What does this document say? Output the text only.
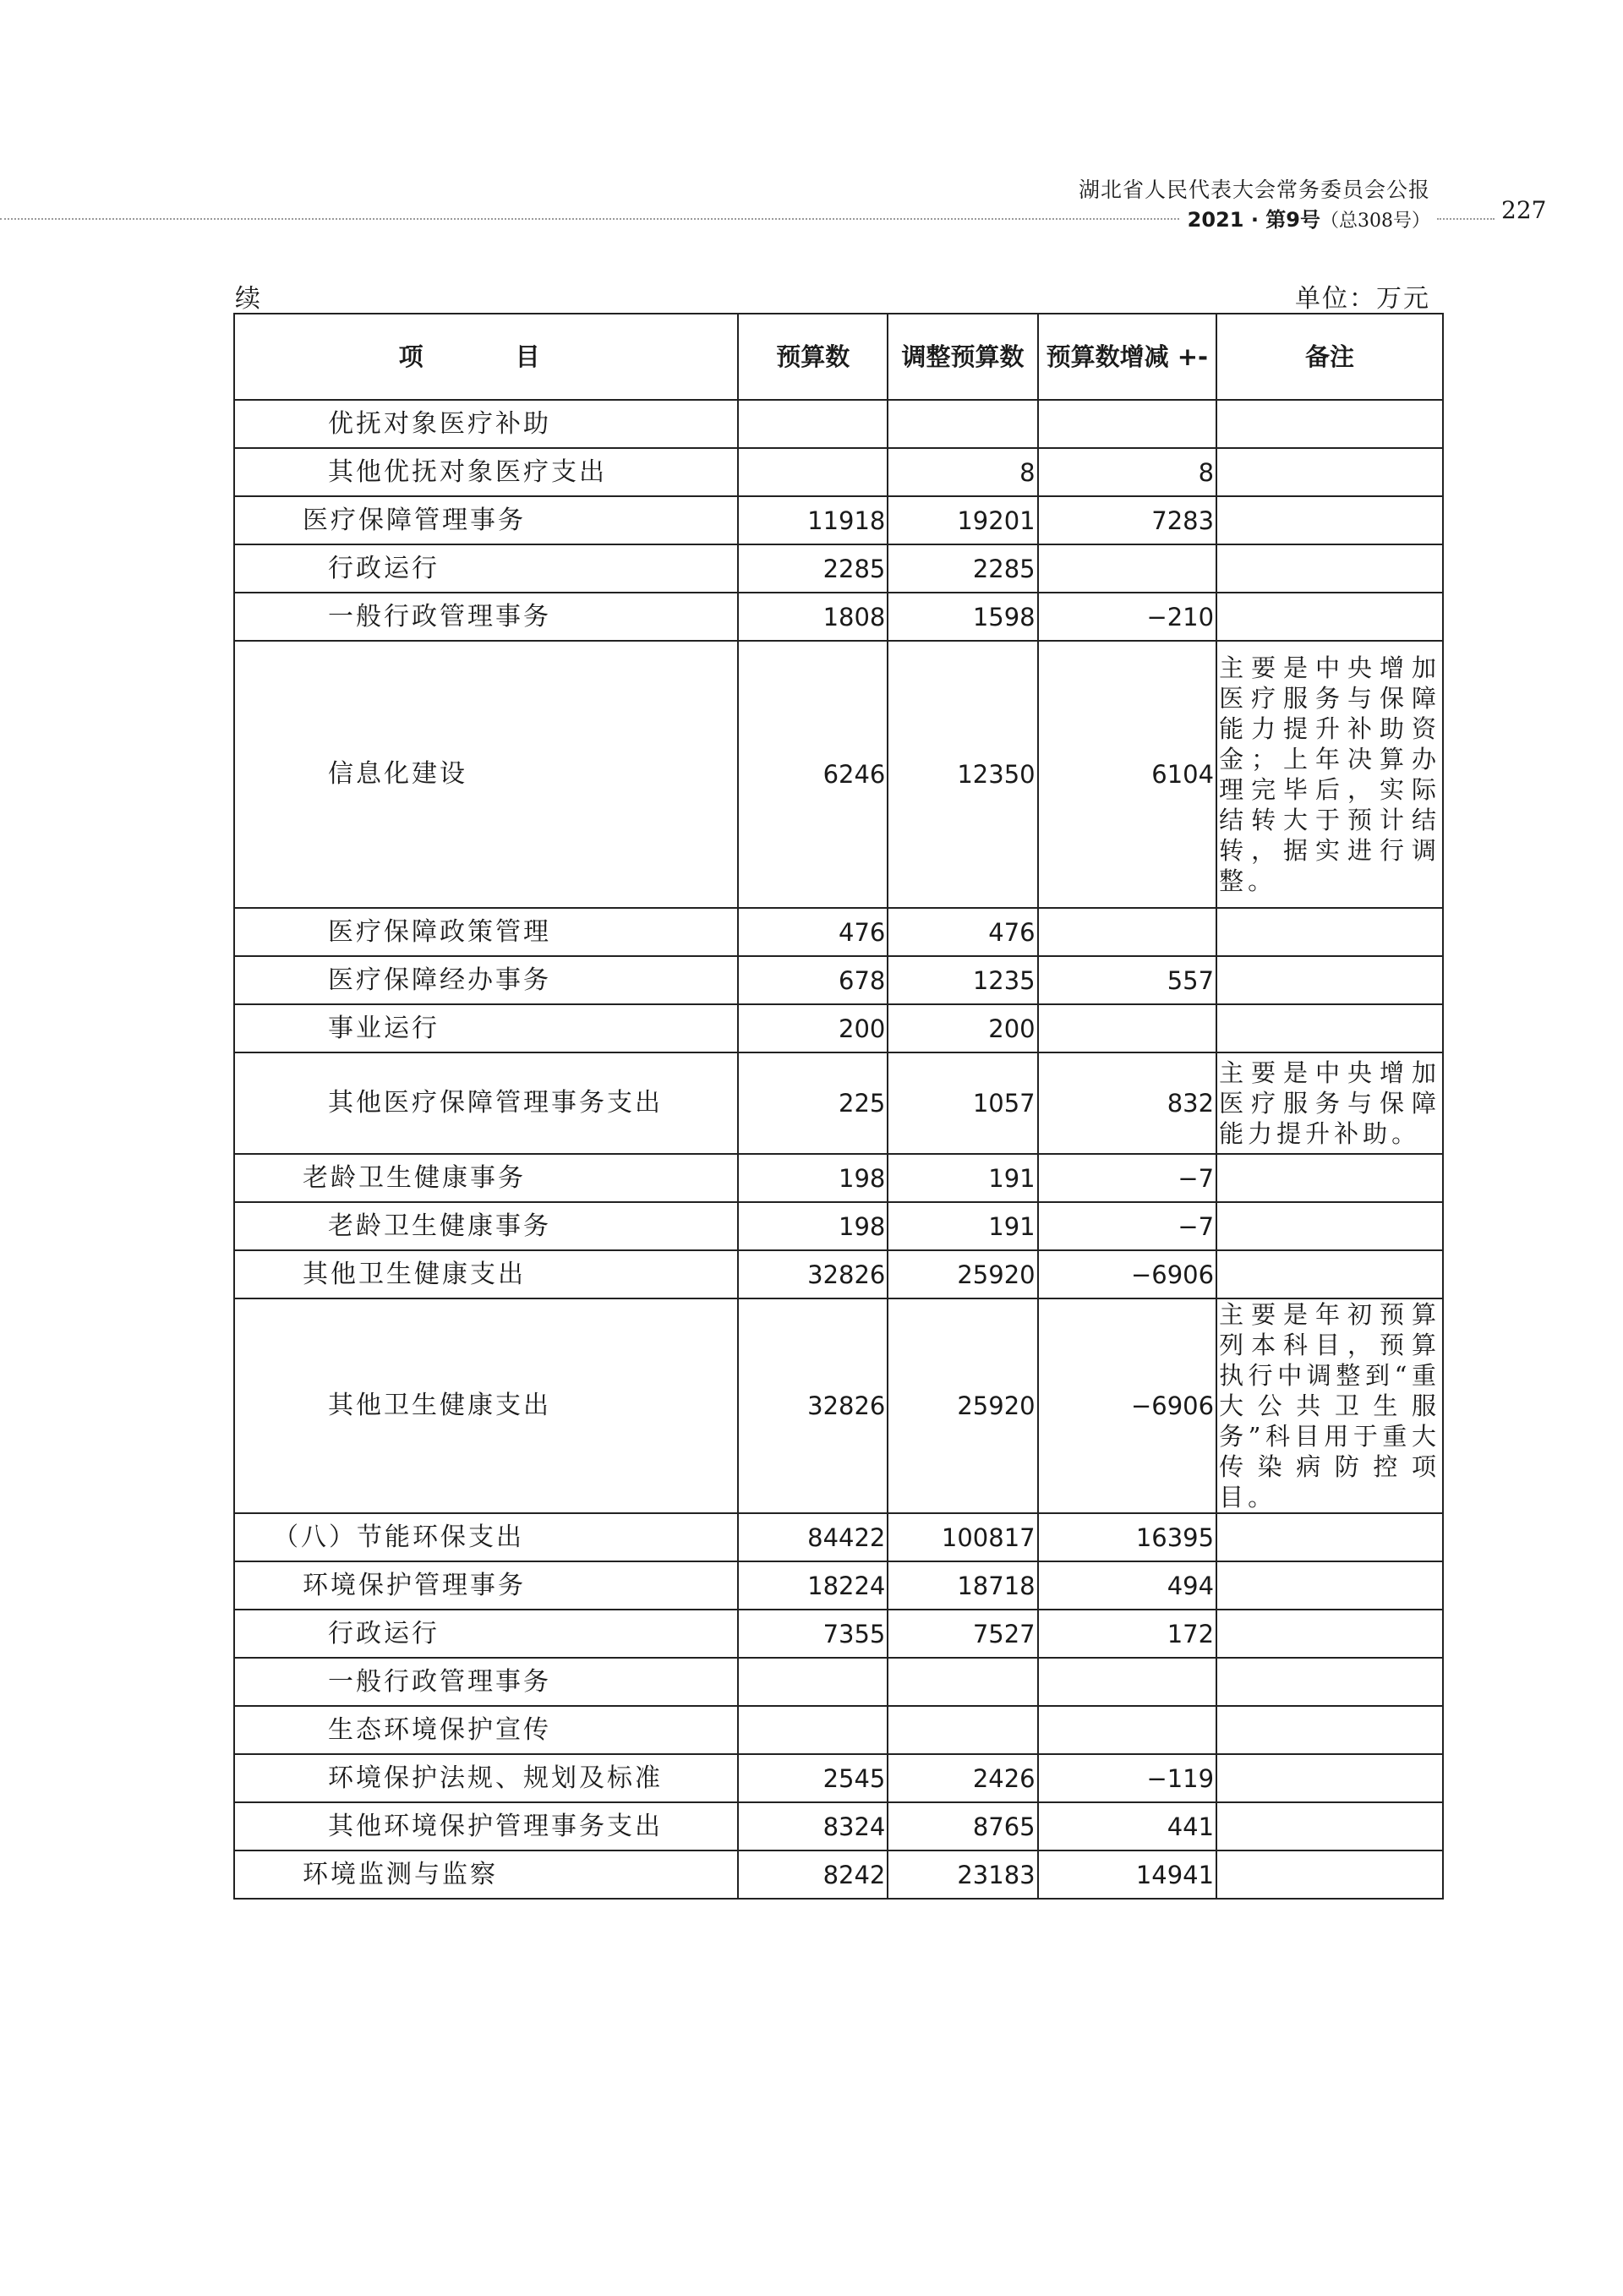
湖北省人民代表大会常务委员会公报
2021 · 第9号（总308号）	227
续	单位：万元
项　目	预算数	调整预算数	预算数增减 +-	备注
优抚对象医疗补助				
其他优抚对象医疗支出		8	8	
医疗保障管理事务	11918	19201	7283	
行政运行	2285	2285		
一般行政管理事务	1808	1598	−210	
信息化建设	6246	12350	6104	主要是中央增加医疗服务与保障能力提升补助资金；上年决算办理完毕后，实际结转大于预计结转，据实进行调整。
医疗保障政策管理	476	476		
医疗保障经办事务	678	1235	557	
事业运行	200	200		
其他医疗保障管理事务支出	225	1057	832	主要是中央增加医疗服务与保障能力提升补助。
老龄卫生健康事务	198	191	−7	
老龄卫生健康事务	198	191	−7	
其他卫生健康支出	32826	25920	−6906	
其他卫生健康支出	32826	25920	−6906	主要是年初预算列本科目，预算执行中调整到“重大公共卫生服务”科目用于重大传染病防控项目。
（八）节能环保支出	84422	100817	16395	
环境保护管理事务	18224	18718	494	
行政运行	7355	7527	172	
一般行政管理事务				
生态环境保护宣传				
环境保护法规、规划及标准	2545	2426	−119	
其他环境保护管理事务支出	8324	8765	441	
环境监测与监察	8242	23183	14941	
